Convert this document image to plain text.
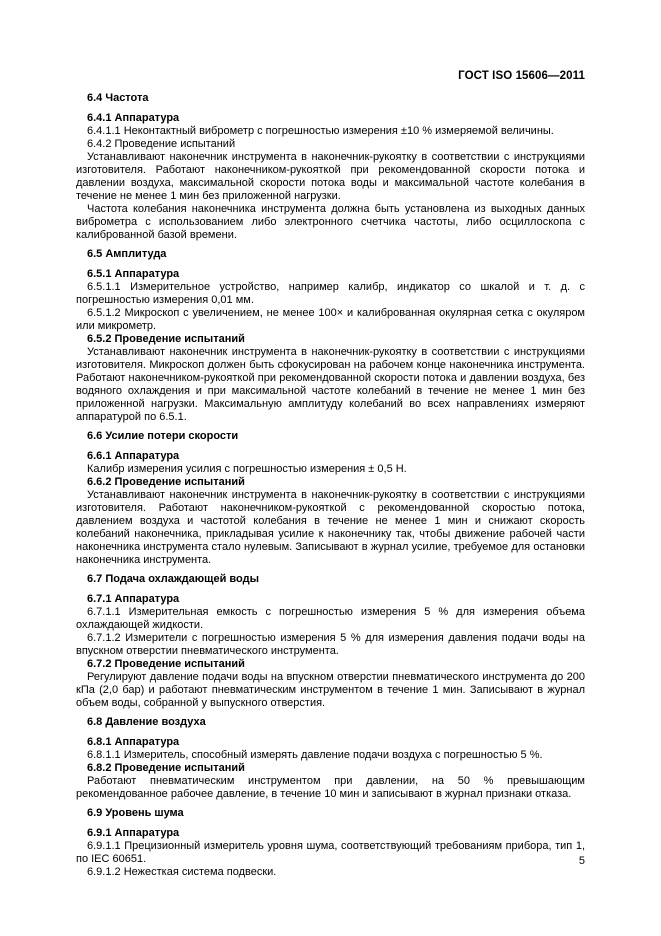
ГОСТ ISO 15606—2011
6.4 Частота
6.4.1 Аппаратура
6.4.1.1 Неконтактный виброметр с погрешностью измерения ±10 % измеряемой величины.
6.4.2 Проведение испытаний
Устанавливают наконечник инструмента в наконечник-рукоятку в соответствии с инструкциями изготовителя. Работают наконечником-рукояткой при рекомендованной скорости потока и давлении воздуха, максимальной скорости потока воды и максимальной частоте колебания в течение не менее 1 мин без приложенной нагрузки.
Частота колебания наконечника инструмента должна быть установлена из выходных данных виброметра с использованием либо электронного счетчика частоты, либо осциллоскопа с калиброванной базой времени.
6.5 Амплитуда
6.5.1 Аппаратура
6.5.1.1 Измерительное устройство, например калибр, индикатор со шкалой и т. д. с погрешностью измерения 0,01 мм.
6.5.1.2 Микроскоп с увеличением, не менее 100× и калиброванная окулярная сетка с окуляром или микрометр.
6.5.2 Проведение испытаний
Устанавливают наконечник инструмента в наконечник-рукоятку в соответствии с инструкциями изготовителя. Микроскоп должен быть сфокусирован на рабочем конце наконечника инструмента. Работают наконечником-рукояткой при рекомендованной скорости потока и давлении воздуха, без водяного охлаждения и при максимальной частоте колебаний в течение не менее 1 мин без приложенной нагрузки. Максимальную амплитуду колебаний во всех направлениях измеряют аппаратурой по 6.5.1.
6.6 Усилие потери скорости
6.6.1 Аппаратура
Калибр измерения усилия с погрешностью измерения ± 0,5 Н.
6.6.2 Проведение испытаний
Устанавливают наконечник инструмента в наконечник-рукоятку в соответствии с инструкциями изготовителя. Работают наконечником-рукояткой с рекомендованной скоростью потока, давлением воздуха и частотой колебания в течение не менее 1 мин и снижают скорость колебаний наконечника, прикладывая усилие к наконечнику так, чтобы движение рабочей части наконечника инструмента стало нулевым. Записывают в журнал усилие, требуемое для остановки наконечника инструмента.
6.7 Подача охлаждающей воды
6.7.1 Аппаратура
6.7.1.1 Измерительная емкость с погрешностью измерения 5 % для измерения объема охлаждающей жидкости.
6.7.1.2 Измерители с погрешностью измерения 5 % для измерения давления подачи воды на впускном отверстии пневматического инструмента.
6.7.2 Проведение испытаний
Регулируют давление подачи воды на впускном отверстии пневматического инструмента до 200 кПа (2,0 бар) и работают пневматическим инструментом в течение 1 мин. Записывают в журнал объем воды, собранной у выпускного отверстия.
6.8 Давление воздуха
6.8.1 Аппаратура
6.8.1.1 Измеритель, способный измерять давление подачи воздуха с погрешностью 5 %.
6.8.2 Проведение испытаний
Работают пневматическим инструментом при давлении, на 50 % превышающим рекомендованное рабочее давление, в течение 10 мин и записывают в журнал признаки отказа.
6.9 Уровень шума
6.9.1 Аппаратура
6.9.1.1 Прецизионный измеритель уровня шума, соответствующий требованиям прибора, тип 1, по IEC 60651.
6.9.1.2 Нежесткая система подвески.
5
